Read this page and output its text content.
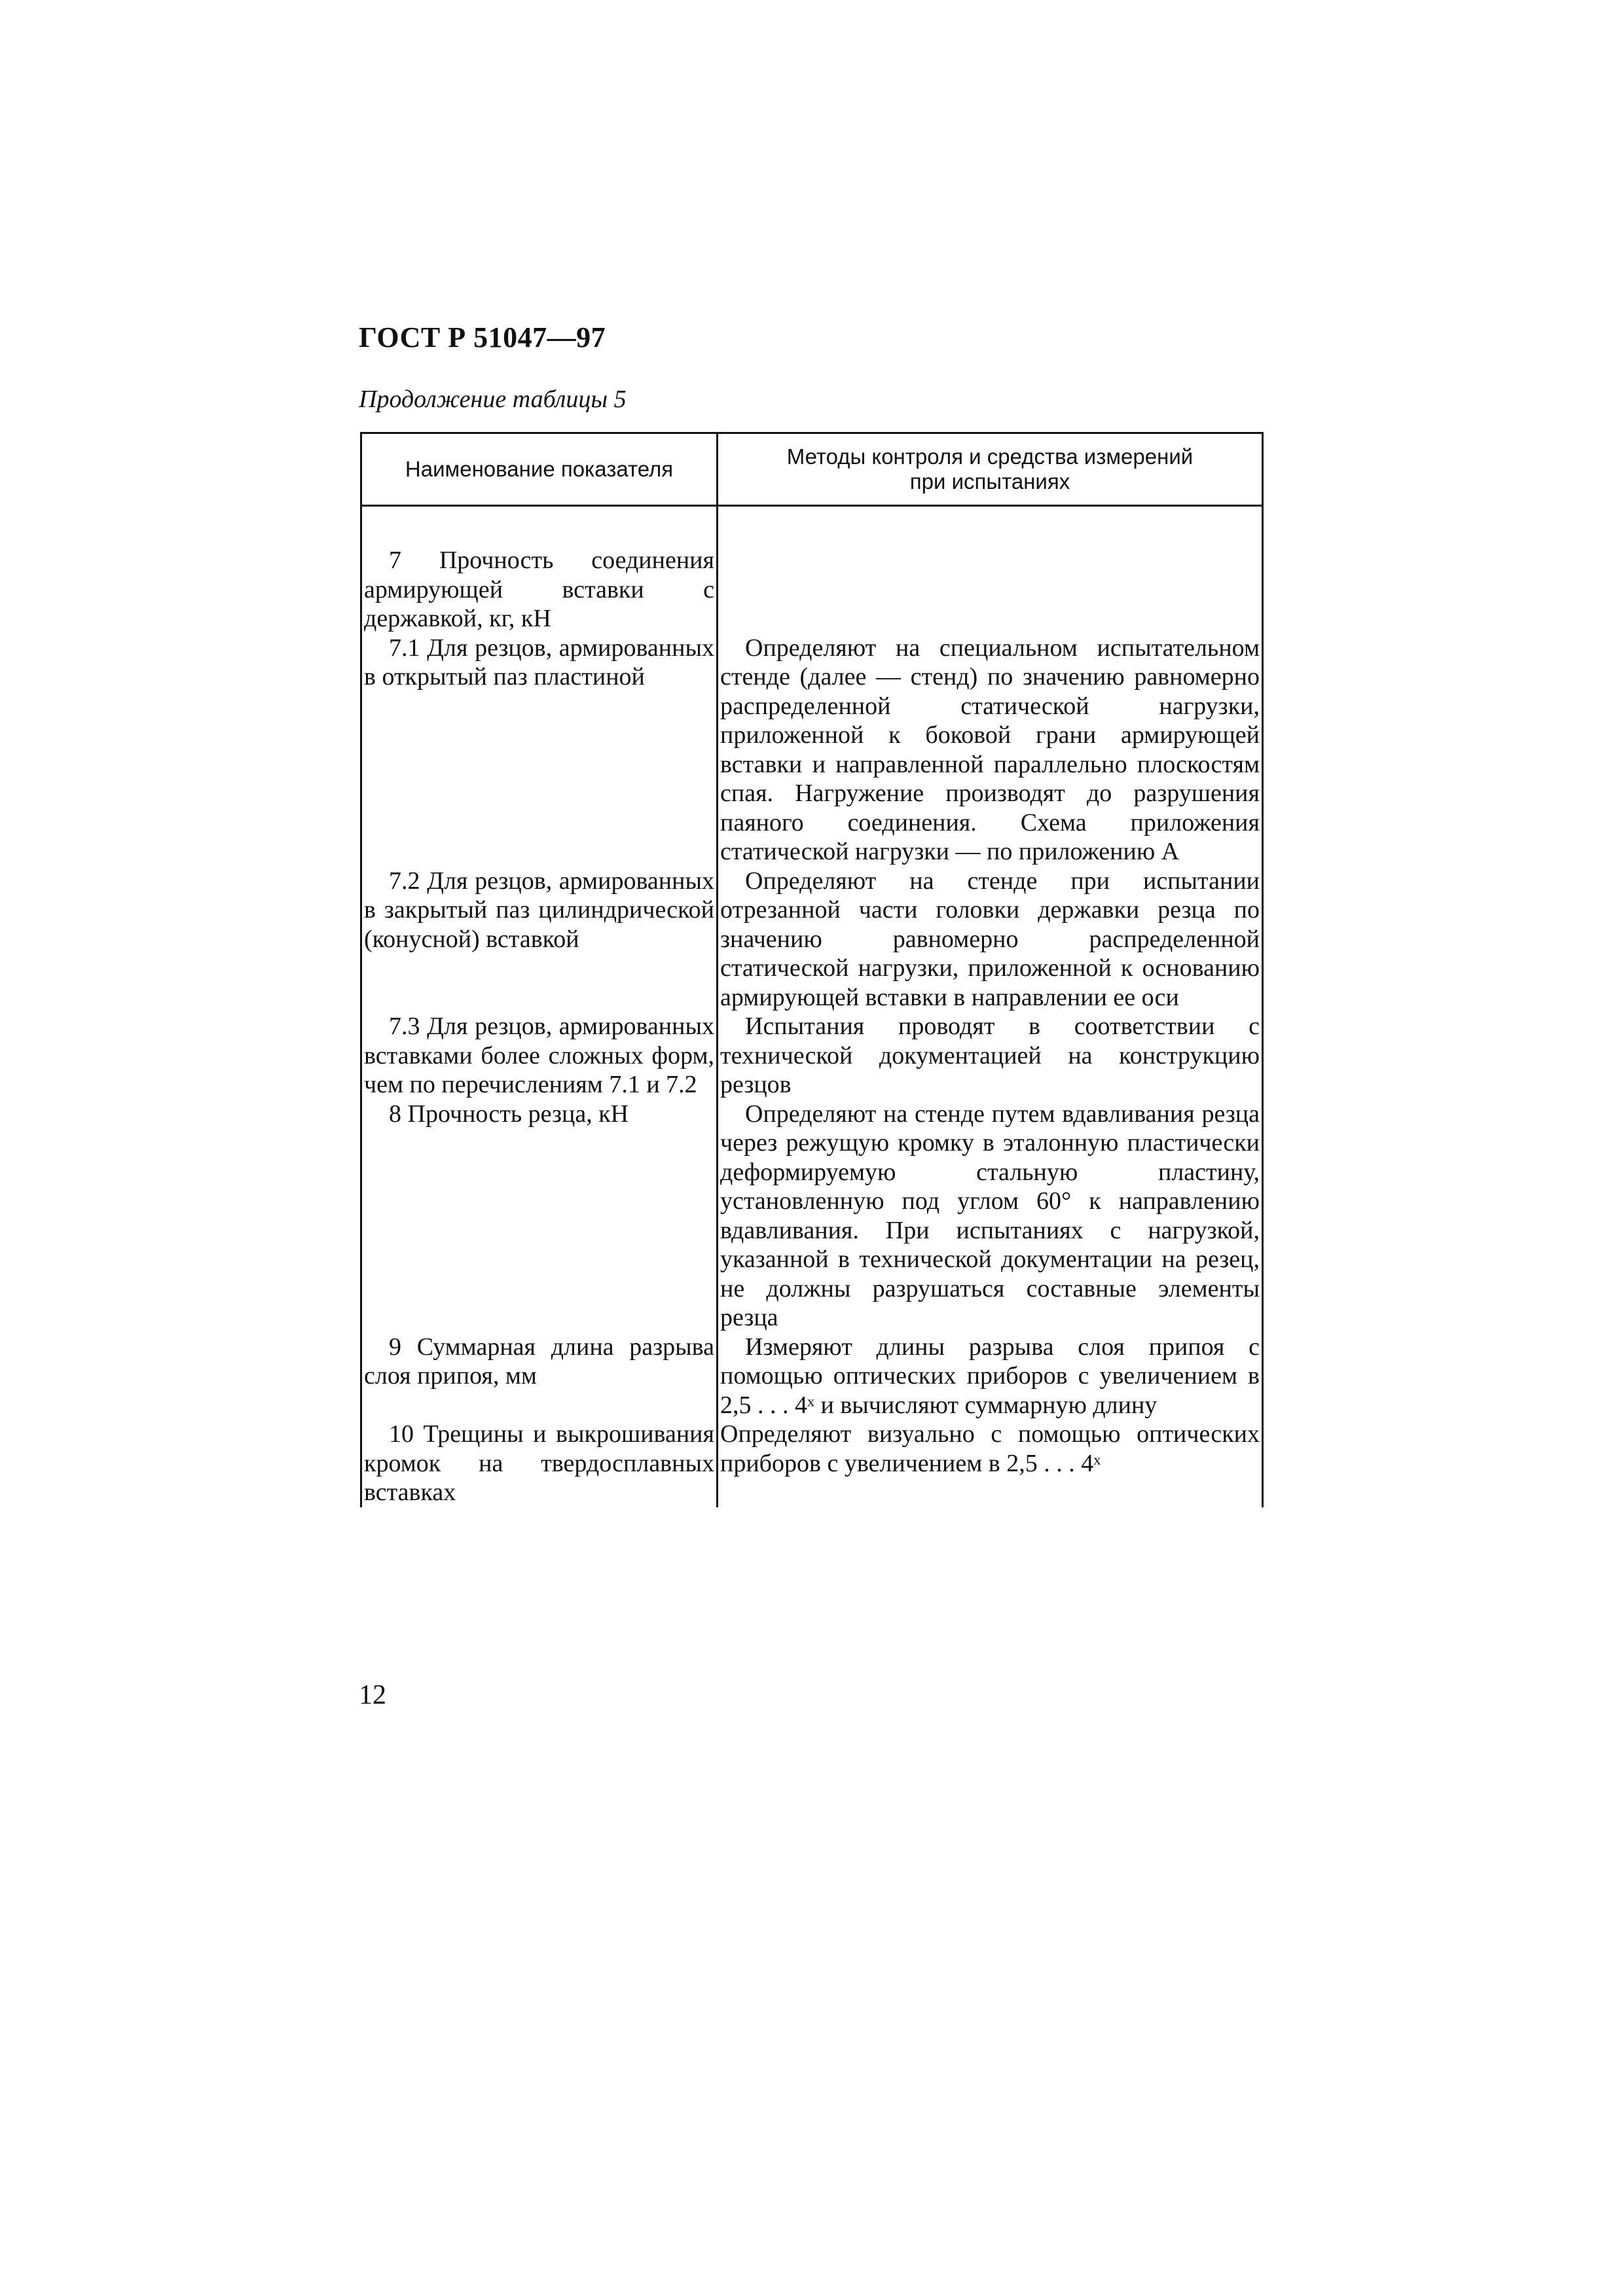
ГОСТ Р 51047—97
Продолжение таблицы 5
Наименование показателя	Методы контроля и средства измерений при испытаниях
7 Прочность соединения армирующей вставки с державкой, кг, кН	
7.1 Для резцов, армированных в открытый паз пластиной	Определяют на специальном испытательном стенде (далее — стенд) по значению равномерно распределенной статической нагрузки, приложенной к боковой грани армирующей вставки и направленной параллельно плоскостям спая. Нагружение производят до разрушения паяного соединения. Схема приложения статической нагрузки — по приложению А
7.2 Для резцов, армированных в закрытый паз цилиндрической (конусной) вставкой	Определяют на стенде при испытании отрезанной части головки державки резца по значению равномерно распределенной статической нагрузки, приложенной к основанию армирующей вставки в направлении ее оси
7.3 Для резцов, армированных вставками более сложных форм, чем по перечислениям 7.1 и 7.2	Испытания проводят в соответствии с технической документацией на конструкцию резцов
8 Прочность резца, кН	Определяют на стенде путем вдавливания резца через режущую кромку в эталонную пластически деформируемую стальную пластину, установленную под углом 60° к направлению вдавливания. При испытаниях с нагрузкой, указанной в технической документации на резец, не должны разрушаться составные элементы резца
9 Суммарная длина разрыва слоя припоя, мм	Измеряют длины разрыва слоя припоя с помощью оптических приборов с увеличением в 2,5 . . . 4ˣ и вычисляют суммарную длину
10 Трещины и выкрошивания кромок на твердосплавных вставках	Определяют визуально с помощью оптических приборов с увеличением в 2,5 . . . 4ˣ
12
